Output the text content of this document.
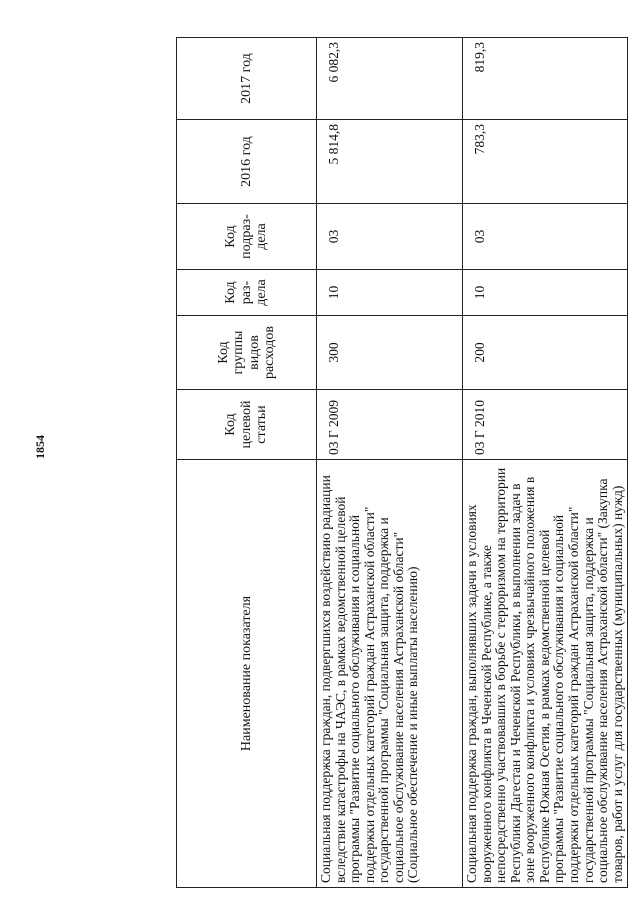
1854
Наименование показателя	Код целевой статьи	Код группы видов расходов	Код раз-дела	Код подраз-дела	2016 год	2017 год
Социальная поддержка граждан, подвергшихся воздействию радиации вследствие катастрофы на ЧАЭС, в рамках ведомственной целевой программы "Развитие социального обслуживания и социальной поддержки отдельных категорий граждан Астраханской области" государственной программы "Социальная защита, поддержка и социальное обслуживание населения Астраханской области" (Социальное обеспечение и иные выплаты населению)	03 Г 2009	300	10	03	5 814,8	6 082,3
Социальная поддержка граждан, выполнявших задачи в условиях вооруженного конфликта в Чеченской Республике, а также непосредственно участвовавших в борьбе с терроризмом на территории Республики Дагестан и Чеченской Республики, в выполнении задач в зоне вооруженного конфликта и условиях чрезвычайного положения в Республике Южная Осетия, в рамках ведомственной целевой программы "Развитие социального обслуживания и социальной поддержки отдельных категорий граждан Астраханской области" государственной программы "Социальная защита, поддержка и социальное обслуживание населения Астраханской области" (Закупка товаров, работ и услуг для государственных (муниципальных) нужд)	03 Г 2010	200	10	03	783,3	819,3
